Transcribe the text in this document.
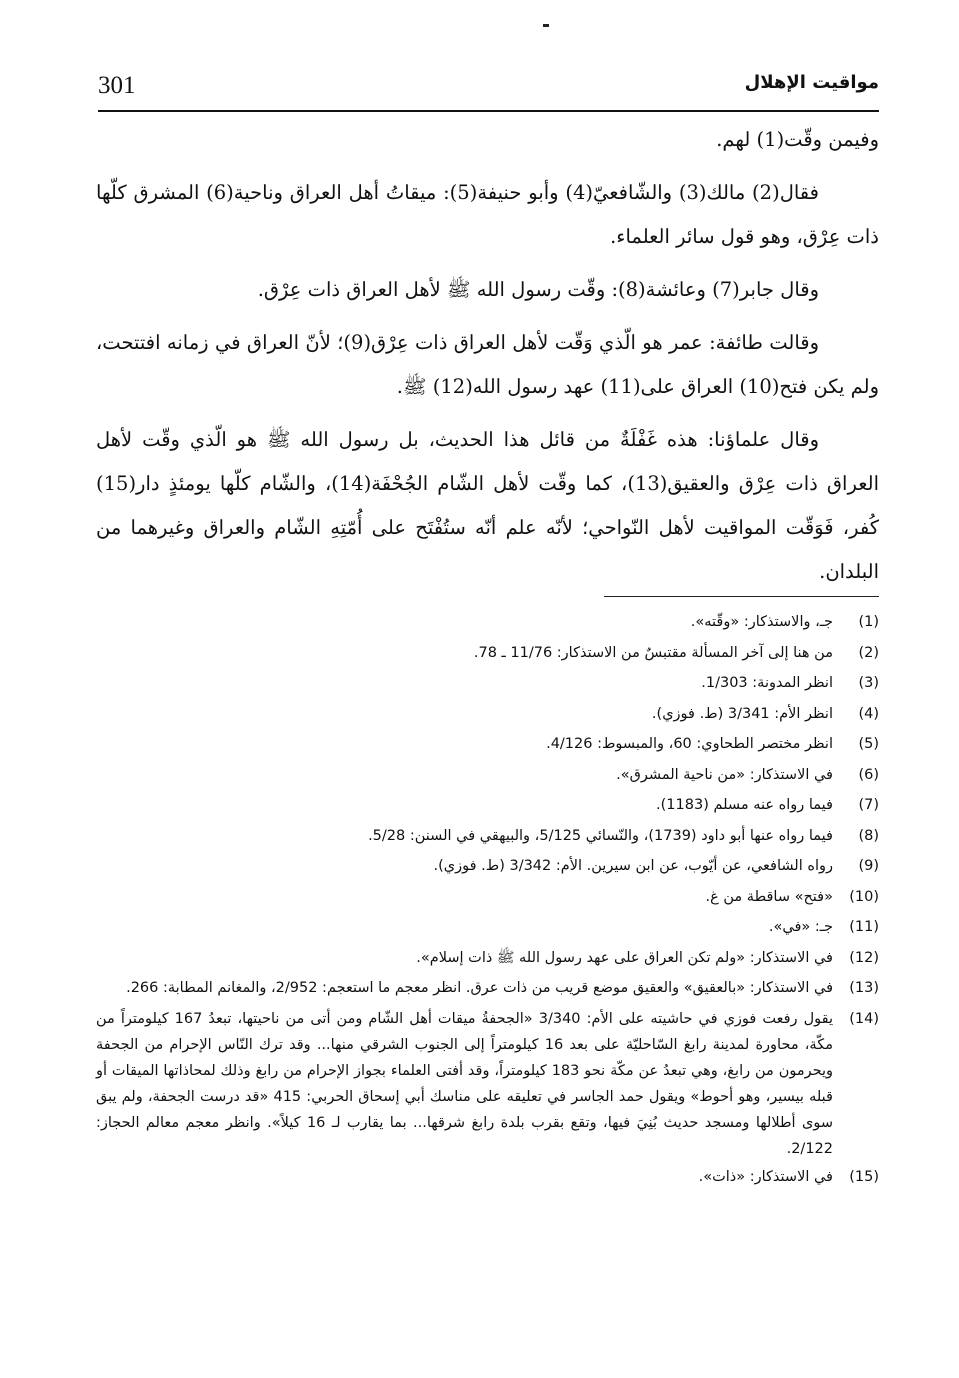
301	مواقيت الإهلال

وفيمن وقّت(1) لهم.

فقال(2) مالك(3) والشّافعيّ(4) وأبو حنيفة(5): ميقاتُ أهل العراق وناحية(6) المشرق كلّها ذات عِرْق، وهو قول سائر العلماء.

وقال جابر(7) وعائشة(8): وقّت رسول الله ﷺ لأهل العراق ذات عِرْق.

وقالت طائفة: عمر هو الّذي وَقّت لأهل العراق ذات عِرْق(9)؛ لأنّ العراق في زمانه افتتحت، ولم يكن فتح(10) العراق على(11) عهد رسول الله(12) ﷺ.

وقال علماؤنا: هذه غَفْلَةٌ من قائل هذا الحديث، بل رسول الله ﷺ هو الّذي وقّت لأهل العراق ذات عِرْق والعقيق(13)، كما وقّت لأهل الشّام الجُحْفَة(14)، والشّام كلّها يومئذٍ دار(15) كُفر، فَوَقّت المواقيت لأهل النّواحي؛ لأنّه علم أنّه ستُفْتَح على أُمّتِهِ الشّام والعراق وغيرهما من البلدان.

(1)
جـ، والاستذكار: «وقّته».
(2)
من هنا إلى آخر المسألة مقتبسٌ من الاستذكار: 11/76 ـ 78.
(3)
انظر المدونة: 1/303.
(4)
انظر الأم: 3/341 (ط. فوزي).
(5)
انظر مختصر الطحاوي: 60، والمبسوط: 4/126.
(6)
في الاستذكار: «من ناحية المشرق».
(7)
فيما رواه عنه مسلم (1183).
(8)
فيما رواه عنها أبو داود (1739)، والنّسائي 5/125، والبيهقي في السنن: 5/28.
(9)
رواه الشافعي، عن أيّوب، عن ابن سيرين. الأم: 3/342 (ط. فوزي).
(10)
«فتح» ساقطة من غ.
(11)
جـ: «في».
(12)
في الاستذكار: «ولم تكن العراق على عهد رسول الله ﷺ ذات إسلام».
(13)
في الاستذكار: «بالعقيق» والعقيق موضع قريب من ذات عرق. انظر معجم ما استعجم: 2/952، والمغانم المطابة: 266.
(14)
يقول رفعت فوزي في حاشيته على الأم: 3/340 «الجحفةُ ميقات أهل الشّام ومن أتى من ناحيتها، تبعدُ 167 كيلومتراً من مكّة، محاورة لمدينة رابغ السّاحليّة على بعد 16 كيلومتراً إلى الجنوب الشرقي منها... وقد ترك النّاس الإحرام من الجحفة ويحرمون من رابغ، وهي تبعدُ عن مكّة نحو 183 كيلومتراً، وقد أفتى العلماء بجواز الإحرام من رابغ وذلك لمحاذاتها الميقات أو قبله بيسير، وهو أحوط» ويقول حمد الجاسر في تعليقه على مناسك أبي إسحاق الحربي: 415 «قد درست الجحفة، ولم يبق سوى أطلالها ومسجد حديث بُنِيَ فيها، وتقع بقرب بلدة رابغ شرقها... بما يقارب لـ 16 كيلاً». وانظر معجم معالم الحجاز: 2/122.
(15)
في الاستذكار: «ذات».
